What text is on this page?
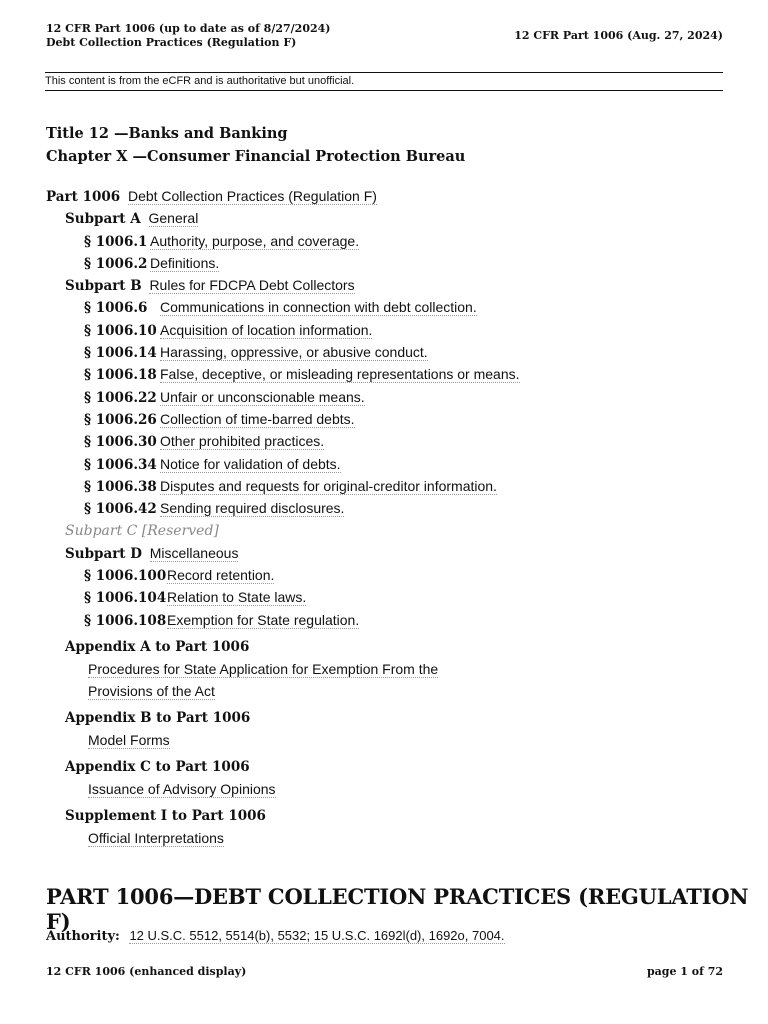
12 CFR Part 1006 (up to date as of 8/27/2024)
Debt Collection Practices (Regulation F)
12 CFR Part 1006 (Aug. 27, 2024)
This content is from the eCFR and is authoritative but unofficial.
Title 12 —Banks and Banking
Chapter X —Consumer Financial Protection Bureau
Part 1006 Debt Collection Practices (Regulation F)
Subpart A General
§ 1006.1 Authority, purpose, and coverage.
§ 1006.2 Definitions.
Subpart B Rules for FDCPA Debt Collectors
§ 1006.6 Communications in connection with debt collection.
§ 1006.10 Acquisition of location information.
§ 1006.14 Harassing, oppressive, or abusive conduct.
§ 1006.18 False, deceptive, or misleading representations or means.
§ 1006.22 Unfair or unconscionable means.
§ 1006.26 Collection of time-barred debts.
§ 1006.30 Other prohibited practices.
§ 1006.34 Notice for validation of debts.
§ 1006.38 Disputes and requests for original-creditor information.
§ 1006.42 Sending required disclosures.
Subpart C [Reserved]
Subpart D Miscellaneous
§ 1006.100Record retention.
§ 1006.104Relation to State laws.
§ 1006.108Exemption for State regulation.
Appendix A to Part 1006
Procedures for State Application for Exemption From the
Provisions of the Act
Appendix B to Part 1006
Model Forms
Appendix C to Part 1006
Issuance of Advisory Opinions
Supplement I to Part 1006
Official Interpretations
PART 1006—DEBT COLLECTION PRACTICES (REGULATION F)
Authority: 12 U.S.C. 5512, 5514(b), 5532; 15 U.S.C. 1692l(d), 1692o, 7004.
12 CFR 1006 (enhanced display)	page 1 of 72
